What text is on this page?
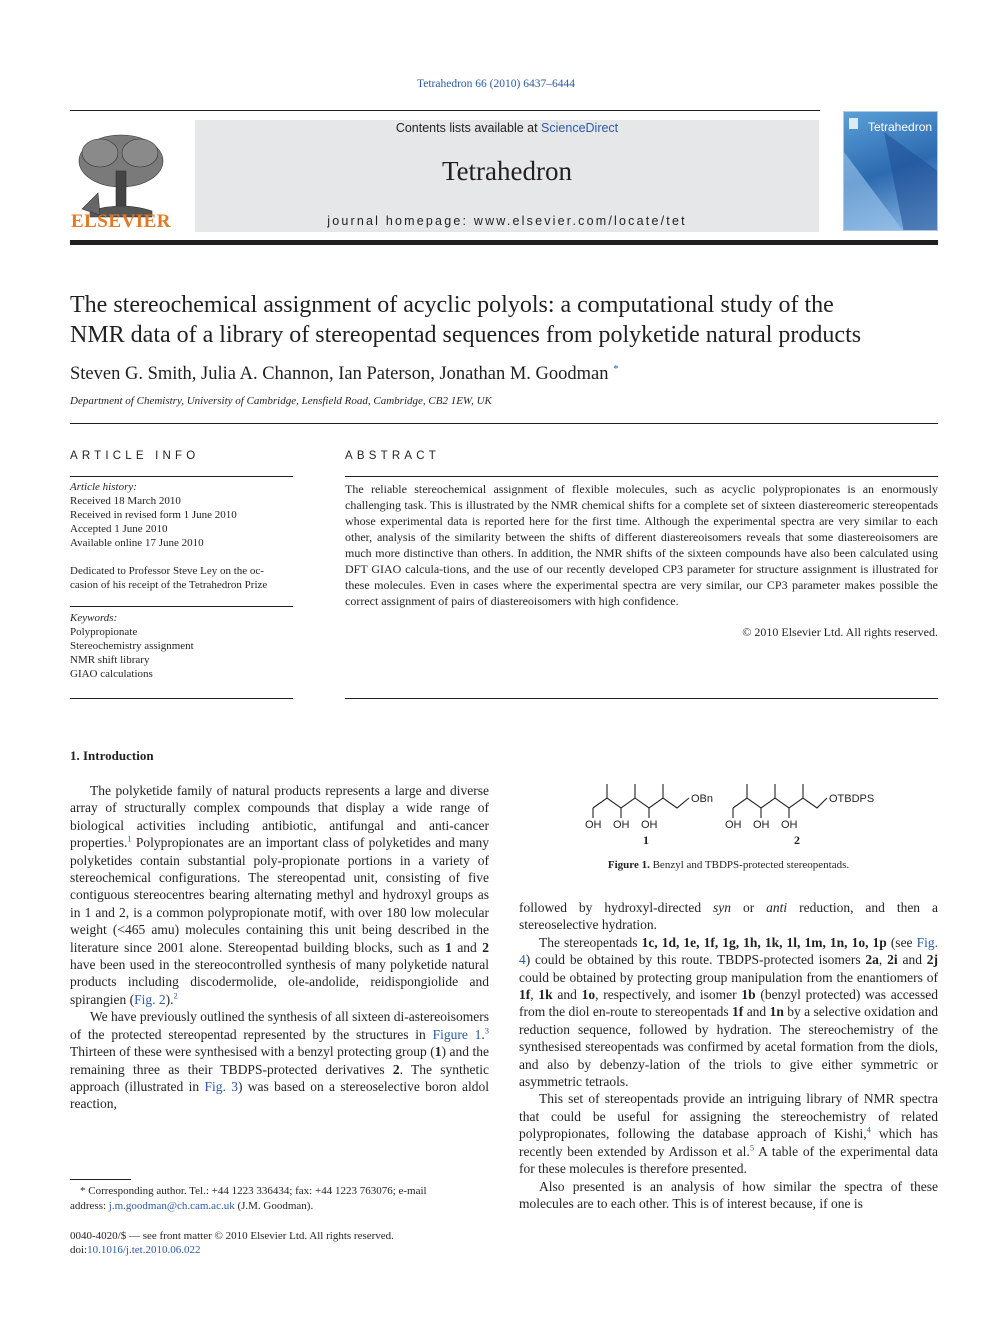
Tetrahedron 66 (2010) 6437–6444
ELSEVIER
Contents lists available at ScienceDirect
Tetrahedron
journal homepage: www.elsevier.com/locate/tet
Tetrahedron
The stereochemical assignment of acyclic polyols: a computational study of the
NMR data of a library of stereopentad sequences from polyketide natural products
Steven G. Smith, Julia A. Channon, Ian Paterson, Jonathan M. Goodman *
Department of Chemistry, University of Cambridge, Lensfield Road, Cambridge, CB2 1EW, UK
ARTICLE INFO
Article history:
Received 18 March 2010
Received in revised form 1 June 2010
Accepted 1 June 2010
Available online 17 June 2010
Dedicated to Professor Steve Ley on the oc-
casion of his receipt of the Tetrahedron Prize
Keywords:
Polypropionate
Stereochemistry assignment
NMR shift library
GIAO calculations
ABSTRACT
The reliable stereochemical assignment of flexible molecules, such as acyclic polypropionates is an enormously challenging task. This is illustrated by the NMR chemical shifts for a complete set of sixteen diastereomeric stereopentads whose experimental data is reported here for the first time. Although the experimental spectra are very similar to each other, analysis of the similarity between the shifts of different diastereoisomers reveals that some diastereoisomers are much more distinctive than others. In addition, the NMR shifts of the sixteen compounds have also been calculated using DFT GIAO calcula-tions, and the use of our recently developed CP3 parameter for structure assignment is illustrated for these molecules. Even in cases where the experimental spectra are very similar, our CP3 parameter makes possible the correct assignment of pairs of diastereoisomers with high confidence.
© 2010 Elsevier Ltd. All rights reserved.
1. Introduction

The polyketide family of natural products represents a large and diverse array of structurally complex compounds that display a wide range of biological activities including antibiotic, antifungal and anti-cancer properties.$^1$ Polypropionates are an important class of polyketides and many polyketides contain substantial poly-propionate portions in a variety of stereochemical configurations. The stereopentad unit, consisting of five contiguous stereocentres bearing alternating methyl and hydroxyl groups as in 1 and 2, is a common polypropionate motif, with over 180 low molecular weight (<465 amu) molecules containing this unit being described in the literature since 2001 alone. Stereopentad building blocks, such as 1 and 2 have been used in the stereocontrolled synthesis of many polyketide natural products including discodermolide, ole-andolide, reidispongiolide and spirangien (Fig. 2).$^2$

We have previously outlined the synthesis of all sixteen di-astereoisomers of the protected stereopentad represented by the structures in Figure 1.$^3$ Thirteen of these were synthesised with a benzyl protecting group (1) and the remaining three as their TBDPS-protected derivatives 2. The synthetic approach (illustrated in Fig. 3) was based on a stereoselective boron aldol reaction,

OBn	OTBDPS
OH OH OH	OH OH OH
1	2
Figure 1. Benzyl and TBDPS-protected stereopentads.

followed by hydroxyl-directed syn or anti reduction, and then a stereoselective hydration.

The stereopentads 1c, 1d, 1e, 1f, 1g, 1h, 1k, 1l, 1m, 1n, 1o, 1p (see Fig. 4) could be obtained by this route. TBDPS-protected isomers 2a, 2i and 2j could be obtained by protecting group manipulation from the enantiomers of 1f, 1k and 1o, respectively, and isomer 1b (benzyl protected) was accessed from the diol en-route to stereopentads 1f and 1n by a selective oxidation and reduction sequence, followed by hydration. The stereochemistry of the synthesised stereopentads was confirmed by acetal formation from the diols, and also by debenzy-lation of the triols to give either symmetric or asymmetric tetraols.

This set of stereopentads provide an intriguing library of NMR spectra that could be useful for assigning the stereochemistry of related polypropionates, following the database approach of Kishi,$^4$ which has recently been extended by Ardisson et al.$^5$ A table of the experimental data for these molecules is therefore presented.

Also presented is an analysis of how similar the spectra of these molecules are to each other. This is of interest because, if one is

* Corresponding author. Tel.: +44 1223 336434; fax: +44 1223 763076; e-mail
address: j.m.goodman@ch.cam.ac.uk (J.M. Goodman).
0040-4020/$ — see front matter © 2010 Elsevier Ltd. All rights reserved.
doi:10.1016/j.tet.2010.06.022
